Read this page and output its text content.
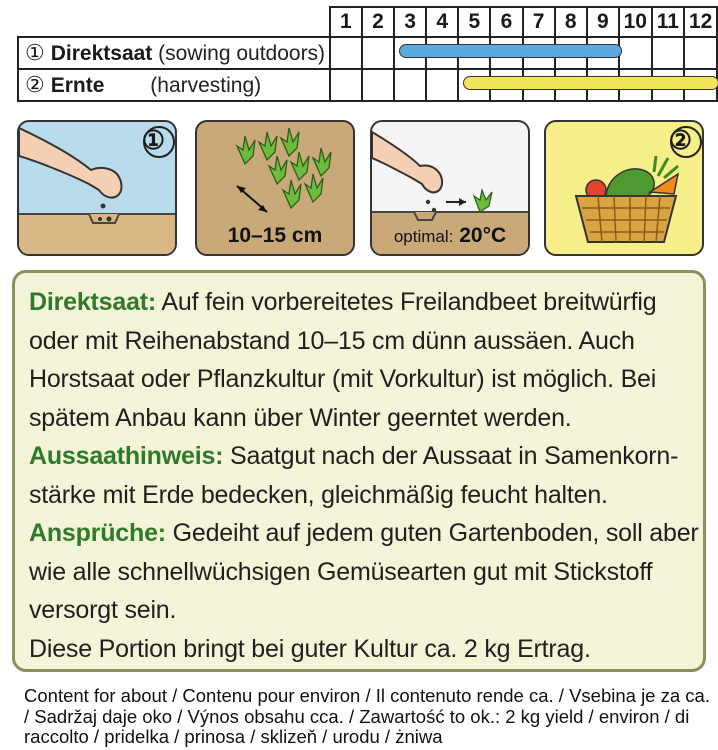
	1	2	3	4	5	6	7	8	9	10	11	12
① Direktsaat (sowing outdoors)			

② Ernte (harvesting)					

①
10–15 cm	optimal: 20°C
②

Direktsaat: Auf fein vorbereitetes Freilandbeet breitwürfig oder mit Reihenabstand 10–15 cm dünn aussäen. Auch Horstsaat oder Pflanzkultur (mit Vorkultur) ist möglich. Bei spätem Anbau kann über Winter geerntet werden.

Aussaathinweis: Saatgut nach der Aussaat in Samenkorn-stärke mit Erde bedecken, gleichmäßig feucht halten.

Ansprüche: Gedeiht auf jedem guten Gartenboden, soll aber wie alle schnellwüchsigen Gemüsearten gut mit Stickstoff versorgt sein.

Diese Portion bringt bei guter Kultur ca. 2 kg Ertrag.

Content for about / Contenu pour environ / Il contenuto rende ca. / Vsebina je za ca. / Sadržaj daje oko / Výnos obsahu cca. / Zawartość to ok.: 2 kg yield / environ / di raccolto / pridelka / prinosa / sklizeň / urodu / żniwa
